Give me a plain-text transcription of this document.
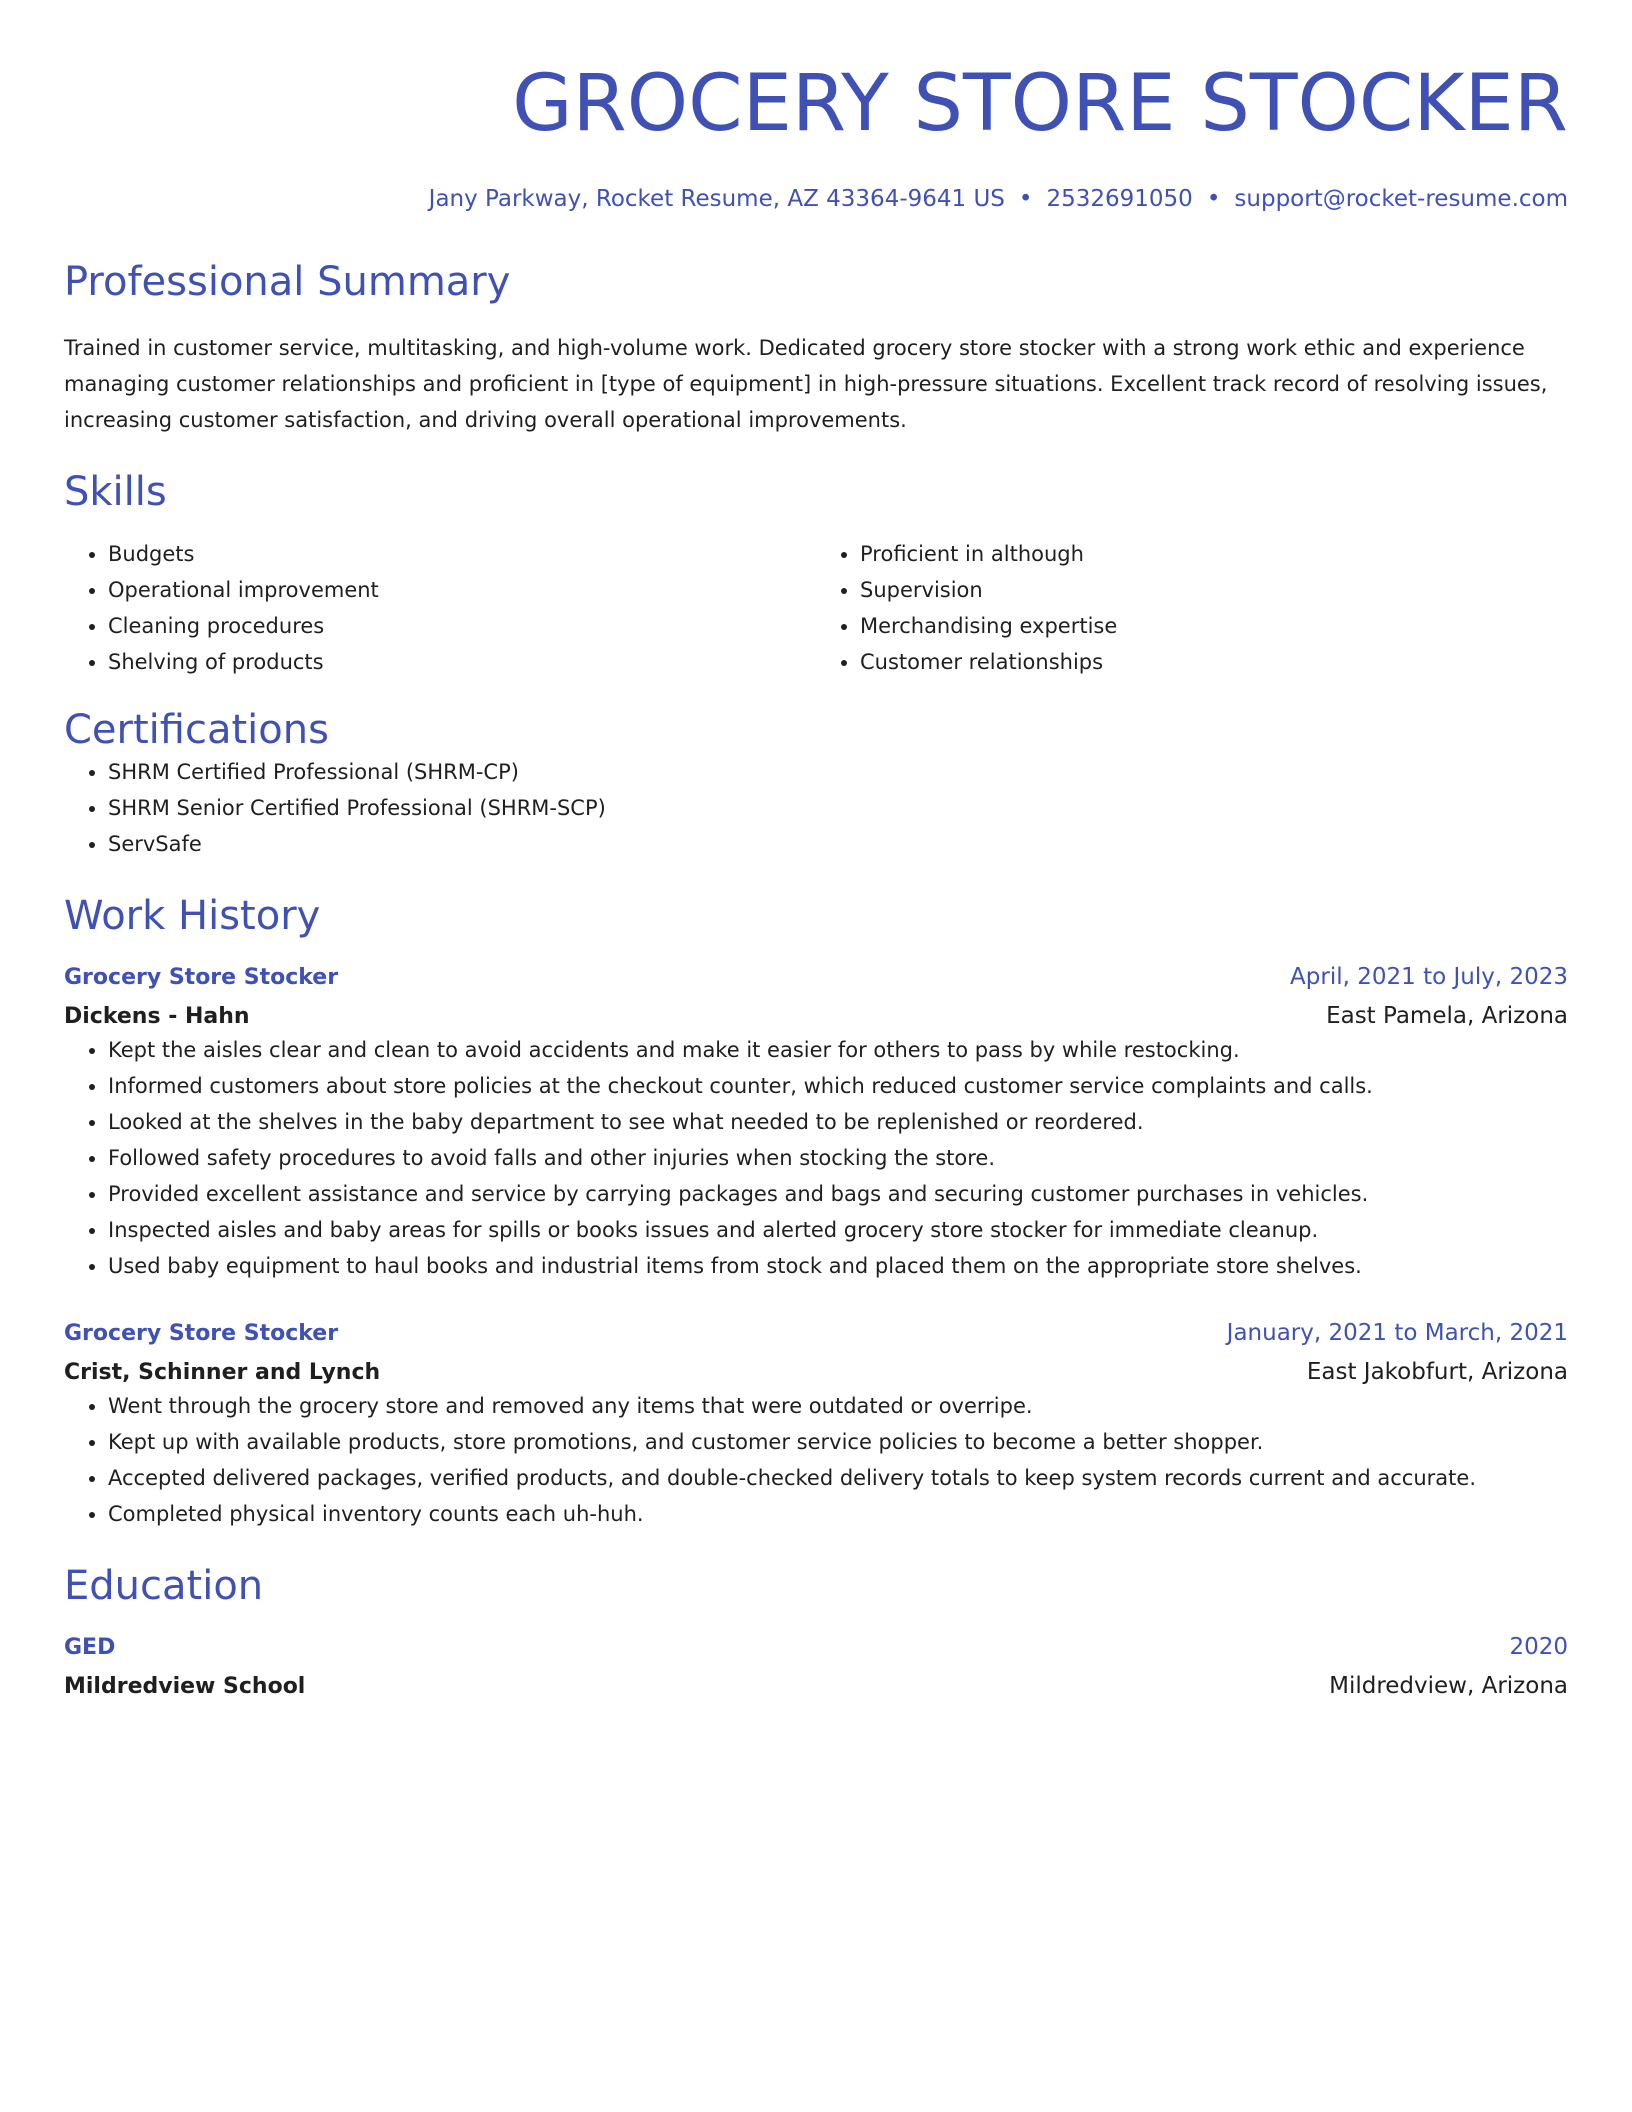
GROCERY STORE STOCKER
Jany Parkway, Rocket Resume, AZ 43364-9641 US • 2532691050 • support@rocket-resume.com
Professional Summary
Trained in customer service, multitasking, and high-volume work. Dedicated grocery store stocker with a strong work ethic and experience managing customer relationships and proficient in [type of equipment] in high-pressure situations. Excellent track record of resolving issues, increasing customer satisfaction, and driving overall operational improvements.
Skills
• Budgets
• Operational improvement
• Cleaning procedures
• Shelving of products
• Proficient in although
• Supervision
• Merchandising expertise
• Customer relationships
Certifications
• SHRM Certified Professional (SHRM-CP)
• SHRM Senior Certified Professional (SHRM-SCP)
• ServSafe
Work History
Grocery Store Stocker	April, 2021 to July, 2023
Dickens - Hahn	East Pamela, Arizona
• Kept the aisles clear and clean to avoid accidents and make it easier for others to pass by while restocking.
• Informed customers about store policies at the checkout counter, which reduced customer service complaints and calls.
• Looked at the shelves in the baby department to see what needed to be replenished or reordered.
• Followed safety procedures to avoid falls and other injuries when stocking the store.
• Provided excellent assistance and service by carrying packages and bags and securing customer purchases in vehicles.
• Inspected aisles and baby areas for spills or books issues and alerted grocery store stocker for immediate cleanup.
• Used baby equipment to haul books and industrial items from stock and placed them on the appropriate store shelves.
Grocery Store Stocker	January, 2021 to March, 2021
Crist, Schinner and Lynch	East Jakobfurt, Arizona
• Went through the grocery store and removed any items that were outdated or overripe.
• Kept up with available products, store promotions, and customer service policies to become a better shopper.
• Accepted delivered packages, verified products, and double-checked delivery totals to keep system records current and accurate.
• Completed physical inventory counts each uh-huh.
Education
GED	2020
Mildredview School	Mildredview, Arizona
